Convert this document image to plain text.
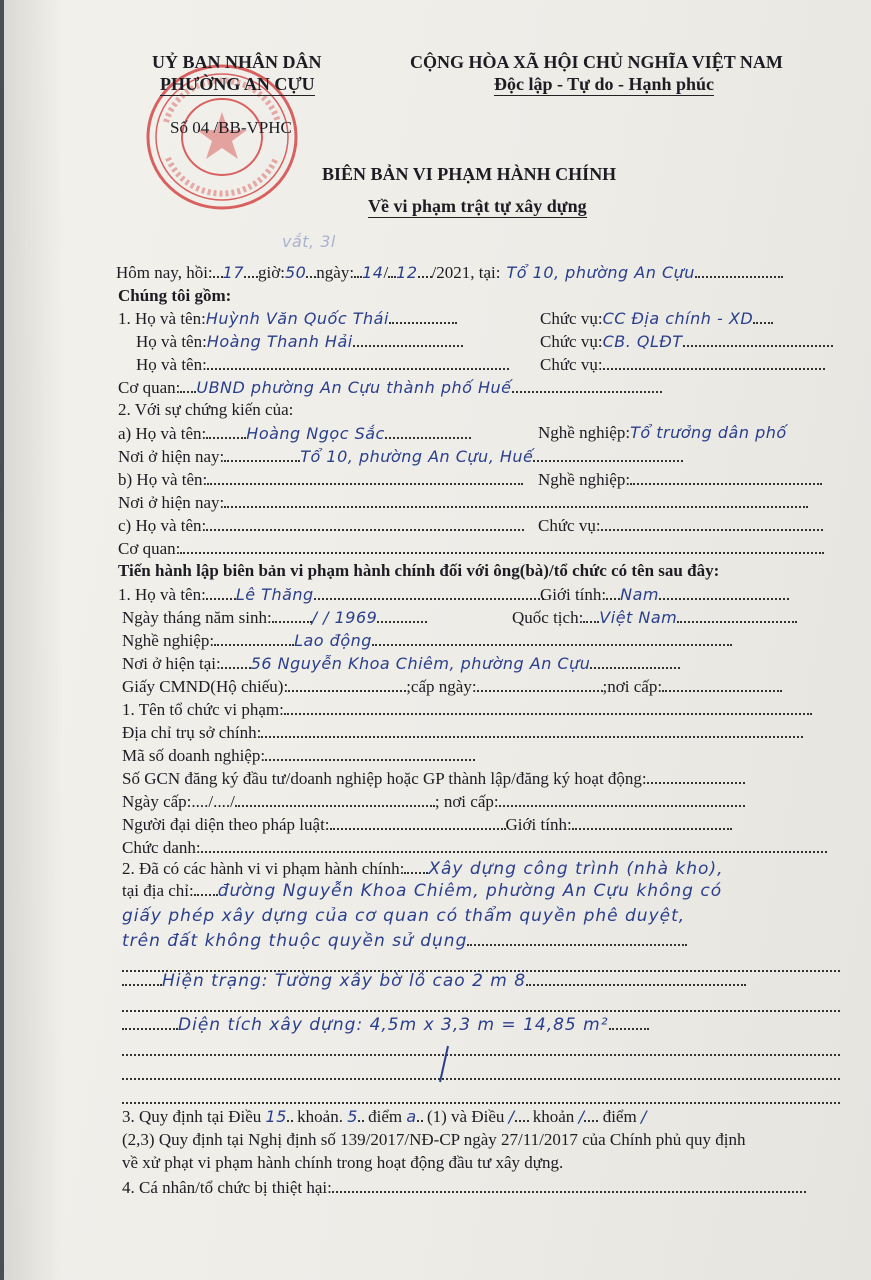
UỶ BAN NHÂN DÂN
PHƯỜNG AN CỰU
Số 04 /BB-VPHC
CỘNG HÒA XÃ HỘI CHỦ NGHĨA VIỆT NAM
Độc lập - Tự do - Hạnh phúc
BIÊN BẢN VI PHẠM HÀNH CHÍNH
Về vi phạm trật tự xây dựng
vắt, 3l
Hôm nay, hồi: 17 giờ:50 ngày: 14/ 12 /2021, tại: Tổ 10, phường An Cựu
Chúng tôi gồm:
1. Họ và tên:Huỳnh Văn Quốc Thái	Chức vụ:CC Địa chính - XD
Họ và tên:Hoàng Thanh Hải	Chức vụ:CB. QLĐT
Họ và tên:	Chức vụ:
Cơ quan: UBND phường An Cựu thành phố Huế
2. Với sự chứng kiến của:
a) Họ và tên:	Hoàng Ngọc Sắc	Nghề nghiệp:Tổ trưởng dân phố
Nơi ở hiện nay:	Tổ 10, phường An Cựu, Huế
b) Họ và tên:	Nghề nghiệp:
Nơi ở hiện nay:
c) Họ và tên:	Chức vụ:
Cơ quan:
Tiến hành lập biên bản vi phạm hành chính đối với ông(bà)/tổ chức có tên sau đây:
1. Họ và tên: Lê Thăng	Giới tính: Nam
Ngày tháng năm sinh:	/ / 1969	Quốc tịch: Việt Nam
Nghề nghiệp:	Lao động
Nơi ở hiện tại: 56 Nguyễn Khoa Chiêm, phường An Cựu
Giấy CMND(Hộ chiếu):	;cấp ngày:	;nơi cấp:
1. Tên tổ chức vi phạm:
Địa chỉ trụ sở chính:
Mã số doanh nghiệp:
Số GCN đăng ký đầu tư/doanh nghiệp hoặc GP thành lập/đăng ký hoạt động:
Ngày cấp:..../..../	; nơi cấp:
Người đại diện theo pháp luật:	Giới tính:
Chức danh:
2. Đã có các hành vi vi phạm hành chính: Xây dựng công trình (nhà kho),
tại địa chỉ: đường Nguyễn Khoa Chiêm, phường An Cựu không có
giấy phép xây dựng của cơ quan có thẩm quyền phê duyệt,
trên đất không thuộc quyền sử dụng
Hiện trạng: Tường xây bờ lô cao 2 m 8
Diện tích xây dựng: 4,5m x 3,3 m = 14,85 m²
3. Quy định tại Điều 15 khoản. 5 điểm a (1) và Điều / khoản / điểm /
(2,3) Quy định tại Nghị định số 139/2017/NĐ-CP ngày 27/11/2017 của Chính phủ quy định
về xử phạt vi phạm hành chính trong hoạt động đầu tư xây dựng.
4. Cá nhân/tổ chức bị thiệt hại:
